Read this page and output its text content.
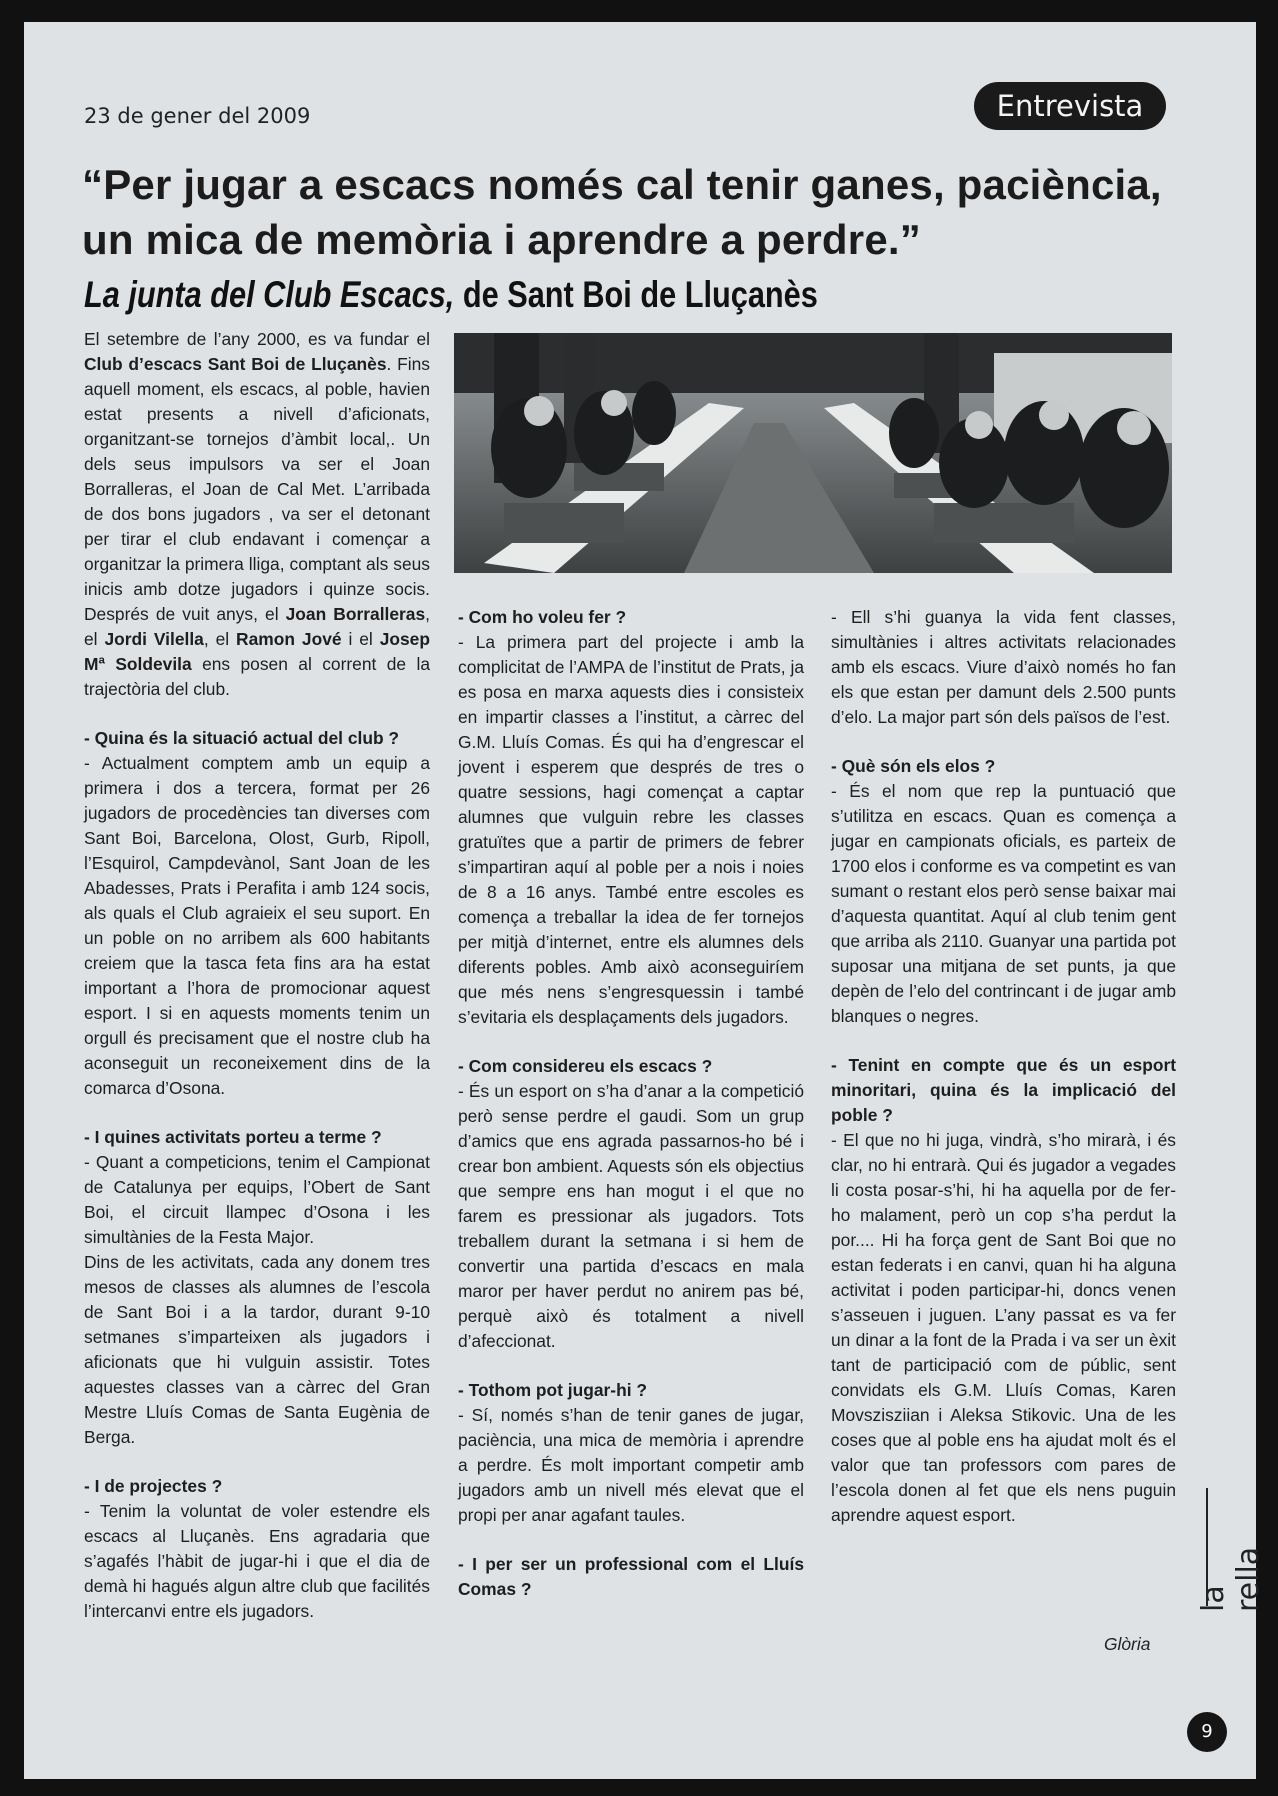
23 de gener del 2009	Entrevista
“Per jugar a escacs només cal tenir ganes, paciència, un mica de memòria i aprendre a perdre.”
La junta del Club Escacs, de Sant Boi de Lluçanès

El setembre de l’any 2000, es va fundar el Club d’escacs Sant Boi de Lluçanès. Fins aquell moment, els escacs, al poble, havien estat presents a nivell d’aficionats, organitzant-se tornejos d’àmbit local,. Un dels seus impulsors va ser el Joan Borralleras, el Joan de Cal Met. L’arribada de dos bons jugadors , va ser el detonant per tirar el club endavant i començar a organitzar la primera lliga, comptant als seus inicis amb dotze jugadors i quinze socis. Després de vuit anys, el Joan Borralleras, el Jordi Vilella, el Ramon Jové i el Josep Mª Soldevila ens posen al corrent de la trajectòria del club.

- Quina és la situació actual del club ?

- Actualment comptem amb un equip a primera i dos a tercera, format per 26 jugadors de procedències tan diverses com Sant Boi, Barcelona, Olost, Gurb, Ripoll, l’Esquirol, Campdevànol, Sant Joan de les Abadesses, Prats i Perafita i amb 124 socis, als quals el Club agraieix el seu suport. En un poble on no arribem als 600 habitants creiem que la tasca feta fins ara ha estat important a l’hora de promocionar aquest esport. I si en aquests moments tenim un orgull és precisament que el nostre club ha aconseguit un reconeixement dins de la comarca d’Osona.

- I quines activitats porteu a terme ?

- Quant a competicions, tenim el Campionat de Catalunya per equips, l’Obert de Sant Boi, el circuit llampec d’Osona i les simultànies de la Festa Major.

Dins de les activitats, cada any donem tres mesos de classes als alumnes de l’escola de Sant Boi i a la tardor, durant 9-10 setmanes s’imparteixen als jugadors i aficionats que hi vulguin assistir. Totes aquestes classes van a càrrec del Gran Mestre Lluís Comas de Santa Eugènia de Berga.

- I de projectes ?

- Tenim la voluntat de voler estendre els escacs al Lluçanès. Ens agradaria que s’agafés l’hàbit de jugar-hi i que el dia de demà hi hagués algun altre club que facilités l’intercanvi entre els jugadors.

- Com ho voleu fer ?

- La primera part del projecte i amb la complicitat de l’AMPA de l’institut de Prats, ja es posa en marxa aquests dies i consisteix en impartir classes a l’institut, a càrrec del G.M. Lluís Comas. És qui ha d’engrescar el jovent i esperem que després de tres o quatre sessions, hagi començat a captar alumnes que vulguin rebre les classes gratuïtes que a partir de primers de febrer s’impartiran aquí al poble per a nois i noies de 8 a 16 anys. També entre escoles es comença a treballar la idea de fer tornejos per mitjà d’internet, entre els alumnes dels diferents pobles. Amb això aconseguiríem que més nens s’engresquessin i també s’evitaria els desplaçaments dels jugadors.

- Com considereu els escacs ?

- És un esport on s’ha d’anar a la competició però sense perdre el gaudi. Som un grup d’amics que ens agrada passarnos-ho bé i crear bon ambient. Aquests són els objectius que sempre ens han mogut i el que no farem es pressionar als jugadors. Tots treballem durant la setmana i si hem de convertir una partida d’escacs en mala maror per haver perdut no anirem pas bé, perquè això és totalment a nivell d’afeccionat.

- Tothom pot jugar-hi ?

- Sí, només s’han de tenir ganes de jugar, paciència, una mica de memòria i aprendre a perdre. És molt important competir amb jugadors amb un nivell més elevat que el propi per anar agafant taules.

- I per ser un professional com el Lluís Comas ?

- Ell s’hi guanya la vida fent classes, simultànies i altres activitats relacionades amb els escacs. Viure d’això només ho fan els que estan per damunt dels 2.500 punts d’elo. La major part són dels països de l’est.

- Què són els elos ?

- És el nom que rep la puntuació que s’utilitza en escacs. Quan es comença a jugar en campionats oficials, es parteix de 1700 elos i conforme es va competint es van sumant o restant elos però sense baixar mai d’aquesta quantitat. Aquí al club tenim gent que arriba als 2110. Guanyar una partida pot suposar una mitjana de set punts, ja que depèn de l’elo del contrincant i de jugar amb blanques o negres.

- Tenint en compte que és un esport minoritari, quina és la implicació del poble ?

- El que no hi juga, vindrà, s’ho mirarà, i és clar, no hi entrarà. Qui és jugador a vegades li costa posar-s’hi, hi ha aquella por de fer-ho malament, però un cop s’ha perdut la por.... Hi ha força gent de Sant Boi que no estan federats i en canvi, quan hi ha alguna activitat i poden participar-hi, doncs venen s’asseuen i juguen. L’any passat es va fer un dinar a la font de la Prada i va ser un èxit tant de participació com de públic, sent convidats els G.M. Lluís Comas, Karen Movszisziian i Aleksa Stikovic. Una de les coses que al poble ens ha ajudat molt és el valor que tan professors com pares de l’escola donen al fet que els nens puguin aprendre aquest esport.

Glòria
la rella
9
